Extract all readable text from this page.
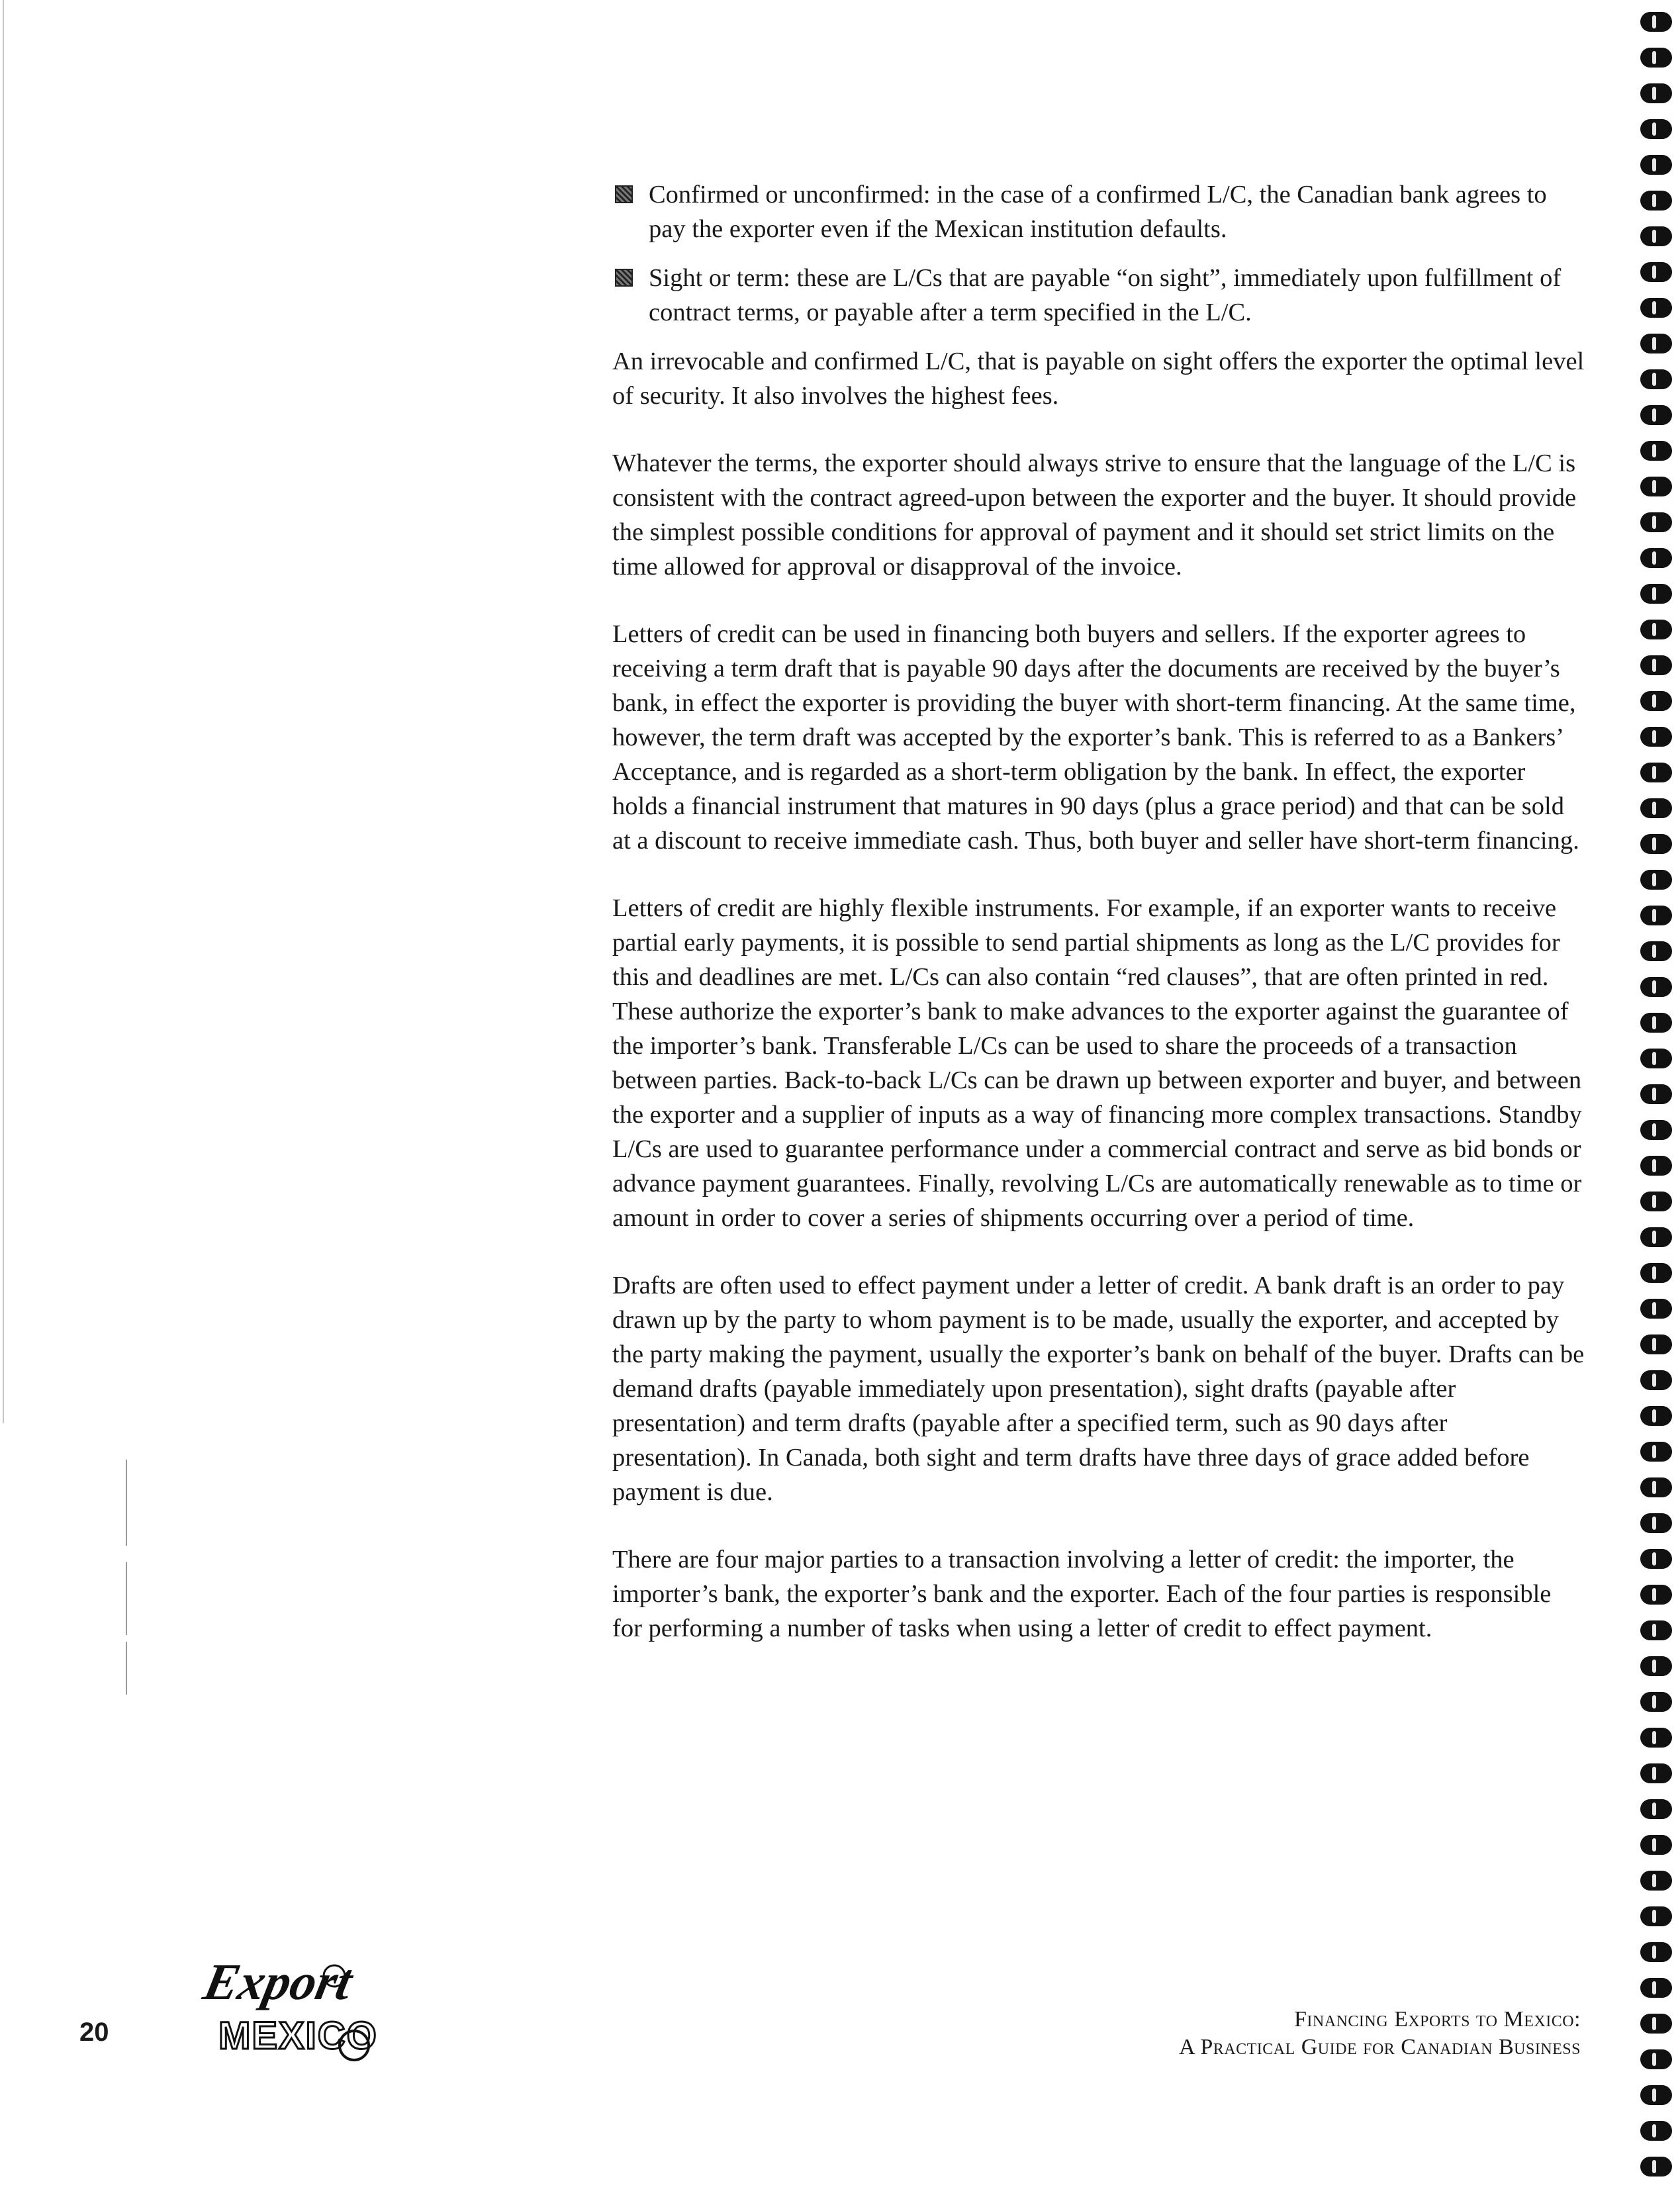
Confirmed or unconfirmed: in the case of a confirmed L/C, the Canadian bank agrees to pay the exporter even if the Mexican institution defaults.
Sight or term: these are L/Cs that are payable “on sight”, immediately upon fulfillment of contract terms, or payable after a term specified in the L/C.

An irrevocable and confirmed L/C, that is payable on sight offers the exporter the optimal level of security. It also involves the highest fees.

Whatever the terms, the exporter should always strive to ensure that the language of the L/C is consistent with the contract agreed-upon between the exporter and the buyer. It should provide the simplest possible conditions for approval of payment and it should set strict limits on the time allowed for approval or disapproval of the invoice.

Letters of credit can be used in financing both buyers and sellers. If the exporter agrees to receiving a term draft that is payable 90 days after the documents are received by the buyer’s bank, in effect the exporter is providing the buyer with short-term financing. At the same time, however, the term draft was accepted by the exporter’s bank. This is referred to as a Bankers’ Acceptance, and is regarded as a short-term obligation by the bank. In effect, the exporter holds a financial instrument that matures in 90 days (plus a grace period) and that can be sold at a discount to receive immediate cash. Thus, both buyer and seller have short-term financing.

Letters of credit are highly flexible instruments. For example, if an exporter wants to receive partial early payments, it is possible to send partial shipments as long as the L/C provides for this and deadlines are met. L/Cs can also contain “red clauses”, that are often printed in red. These authorize the exporter’s bank to make advances to the exporter against the guarantee of the importer’s bank. Transferable L/Cs can be used to share the proceeds of a transaction between parties. Back-to-back L/Cs can be drawn up between exporter and buyer, and between the exporter and a supplier of inputs as a way of financing more complex transactions. Standby L/Cs are used to guarantee performance under a commercial contract and serve as bid bonds or advance payment guarantees. Finally, revolving L/Cs are automatically renewable as to time or amount in order to cover a series of shipments occurring over a period of time.

Drafts are often used to effect payment under a letter of credit. A bank draft is an order to pay drawn up by the party to whom payment is to be made, usually the exporter, and accepted by the party making the payment, usually the exporter’s bank on behalf of the buyer. Drafts can be demand drafts (payable immediately upon presentation), sight drafts (payable after presentation) and term drafts (payable after a specified term, such as 90 days after presentation). In Canada, both sight and term drafts have three days of grace added before payment is due.

There are four major parties to a transaction involving a letter of credit: the importer, the importer’s bank, the exporter’s bank and the exporter. Each of the four parties is responsible for performing a number of tasks when using a letter of credit to effect payment.

20
Export
MEXICO	Financing Exports to Mexico:
A Practical Guide for Canadian Business
